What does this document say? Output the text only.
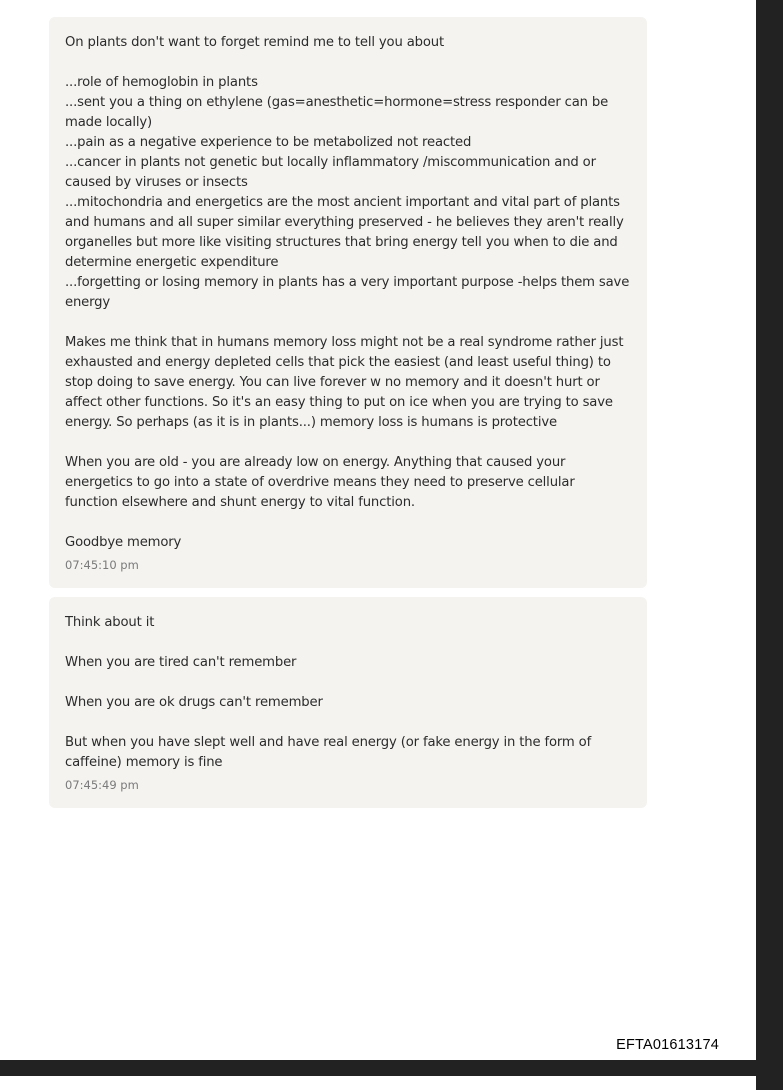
On plants don't want to forget remind me to tell you about

...role of hemoglobin in plants
...sent you a thing on ethylene (gas=anesthetic=hormone=stress responder can be made locally)
...pain as a negative experience to be metabolized not reacted
...cancer in plants not genetic but locally inflammatory /miscommunication and or caused by viruses or insects
...mitochondria and energetics are the most ancient important and vital part of plants and humans and all super similar everything preserved - he believes they aren't really organelles but more like visiting structures that bring energy tell you when to die and determine energetic expenditure
...forgetting or losing memory in plants has a very important purpose -helps them save energy

Makes me think that in humans memory loss might not be a real syndrome rather just exhausted and energy depleted cells that pick the easiest (and least useful thing) to stop doing to save energy. You can live forever w no memory and it doesn't hurt or affect other functions. So it's an easy thing to put on ice when you are trying to save energy. So perhaps (as it is in plants...) memory loss is humans is protective

When you are old - you are already low on energy. Anything that caused your energetics to go into a state of overdrive means they need to preserve cellular function elsewhere and shunt energy to vital function.

Goodbye memory

07:45:10 pm

Think about it

When you are tired can't remember

When you are ok drugs can't remember

But when you have slept well and have real energy (or fake energy in the form of caffeine) memory is fine

07:45:49 pm
EFTA01613174
